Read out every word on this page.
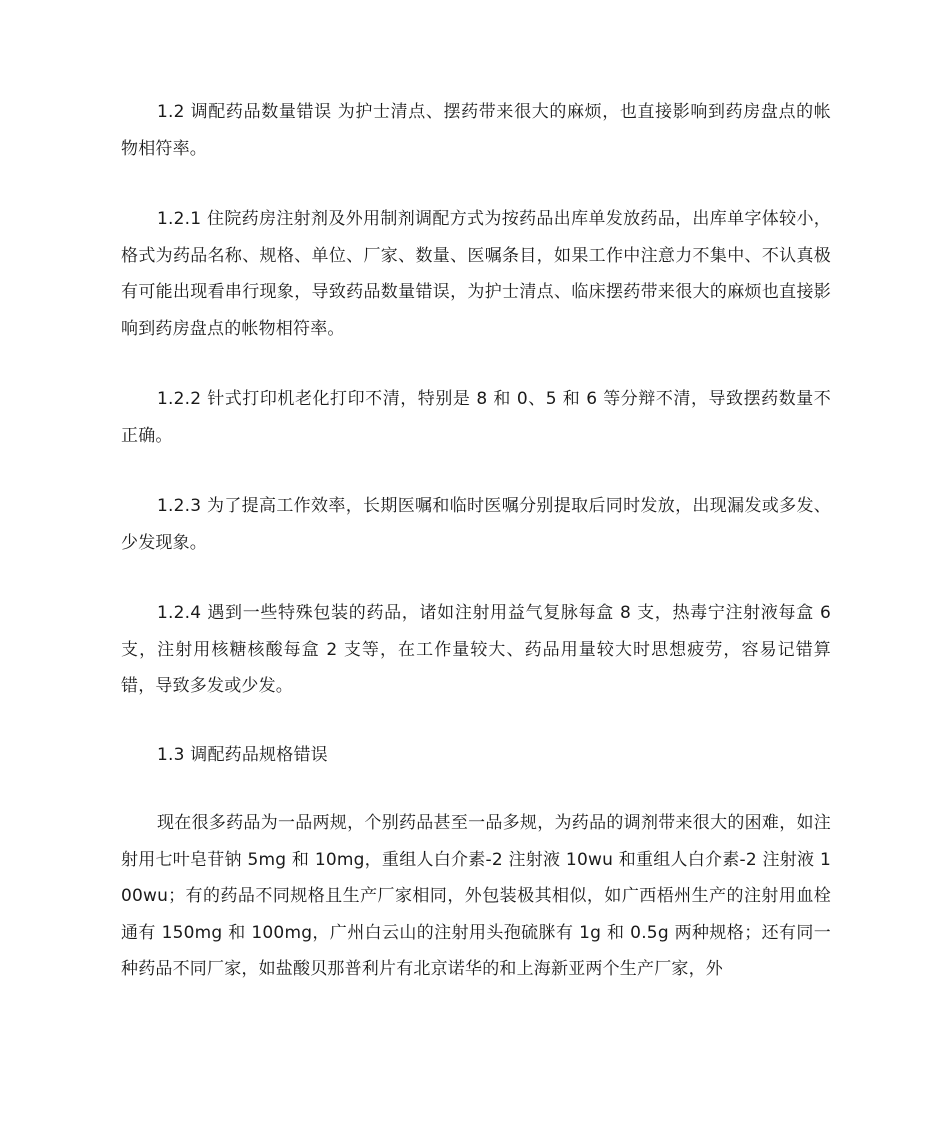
1.2 调配药品数量错误 为护士清点、摆药带来很大的麻烦，也直接影响到药房盘点的帐物相符率。

1.2.1 住院药房注射剂及外用制剂调配方式为按药品出库单发放药品，出库单字体较小，格式为药品名称、规格、单位、厂家、数量、医嘱条目，如果工作中注意力不集中、不认真极有可能出现看串行现象，导致药品数量错误，为护士清点、临床摆药带来很大的麻烦也直接影响到药房盘点的帐物相符率。

1.2.2 针式打印机老化打印不清，特别是 8 和 0、5 和 6 等分辩不清，导致摆药数量不正确。

1.2.3 为了提高工作效率，长期医嘱和临时医嘱分别提取后同时发放，出现漏发或多发、少发现象。

1.2.4 遇到一些特殊包装的药品，诸如注射用益气复脉每盒 8 支，热毒宁注射液每盒 6 支，注射用核糖核酸每盒 2 支等，在工作量较大、药品用量较大时思想疲劳，容易记错算错，导致多发或少发。

1.3 调配药品规格错误

现在很多药品为一品两规，个别药品甚至一品多规，为药品的调剂带来很大的困难，如注射用七叶皂苷钠 5mg 和 10mg，重组人白介素-2 注射液 10wu 和重组人白介素-2 注射液 100wu；有的药品不同规格且生产厂家相同，外包装极其相似，如广西梧州生产的注射用血栓通有 150mg 和 100mg，广州白云山的注射用头孢硫脒有 1g 和 0.5g 两种规格；还有同一种药品不同厂家，如盐酸贝那普利片有北京诺华的和上海新亚两个生产厂家，外
